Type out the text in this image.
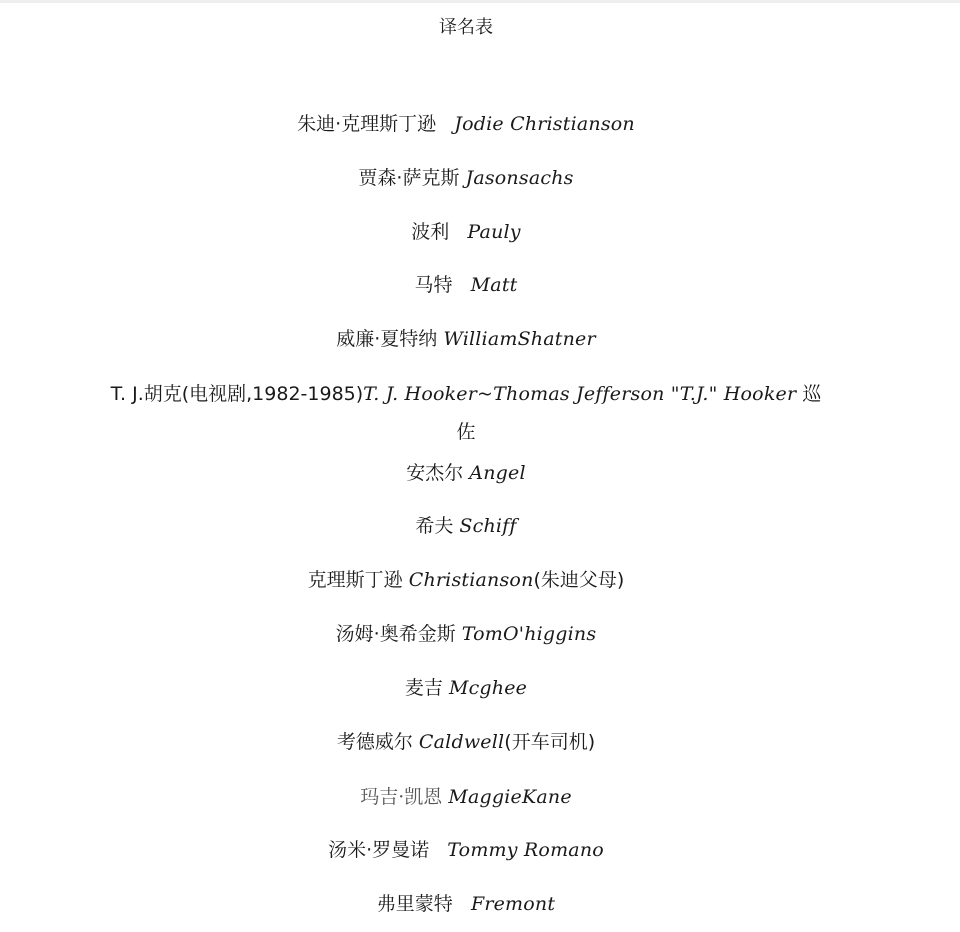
译名表
朱迪·克理斯丁逊 Jodie Christianson
贾森·萨克斯 Jasonsachs
波利 Pauly
马特 Matt
威廉·夏特纳 WilliamShatner
T. J.胡克(电视剧,1982-1985)T. J. Hooker~Thomas Jefferson "T.J." Hooker 巡佐
安杰尔 Angel
希夫 Schiff
克理斯丁逊 Christianson(朱迪父母)
汤姆·奥希金斯 TomO'higgins
麦吉 Mcghee
考德威尔 Caldwell(开车司机)
玛吉·凯恩 MaggieKane
汤米·罗曼诺 Tommy Romano
弗里蒙特 Fremont
